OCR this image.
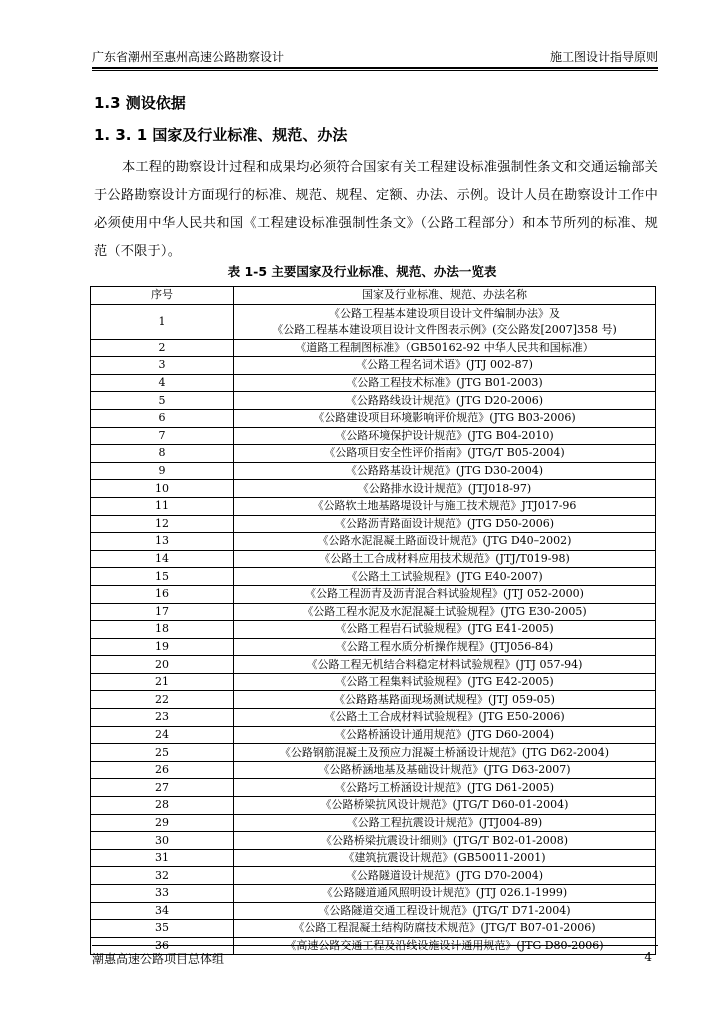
广东省潮州至惠州高速公路勘察设计	施工图设计指导原则
1.3 测设依据
1. 3. 1 国家及行业标准、规范、办法
本工程的勘察设计过程和成果均必须符合国家有关工程建设标准强制性条文和交通运输部关于公路勘察设计方面现行的标准、规范、规程、定额、办法、示例。设计人员在勘察设计工作中必须使用中华人民共和国《工程建设标准强制性条文》（公路工程部分）和本节所列的标准、规范（不限于）。
表 1-5 主要国家及行业标准、规范、办法一览表
序号	国家及行业标准、规范、办法名称
1	《公路工程基本建设项目设计文件编制办法》及
《公路工程基本建设项目设计文件图表示例》(交公路发[2007]358 号)

2	《道路工程制图标准》（GB50162-92 中华人民共和国标准）
3	《公路工程名词术语》(JTJ 002-87)
4	《公路工程技术标准》(JTG B01-2003)
5	《公路路线设计规范》(JTG D20-2006)
6	《公路建设项目环境影响评价规范》(JTG B03-2006)
7	《公路环境保护设计规范》(JTG B04-2010)
8	《公路项目安全性评价指南》(JTG/T B05-2004)
9	《公路路基设计规范》(JTG D30-2004)
10	《公路排水设计规范》(JTJ018-97)
11	《公路软土地基路堤设计与施工技术规范》JTJ017-96
12	《公路沥青路面设计规范》(JTG D50-2006)
13	《公路水泥混凝土路面设计规范》(JTG D40–2002)
14	《公路土工合成材料应用技术规范》(JTJ/T019-98)
15	《公路土工试验规程》(JTG E40-2007)
16	《公路工程沥青及沥青混合料试验规程》(JTJ 052-2000)
17	《公路工程水泥及水泥混凝土试验规程》(JTG E30-2005)
18	《公路工程岩石试验规程》(JTG E41-2005)
19	《公路工程水质分析操作规程》(JTJ056-84)
20	《公路工程无机结合料稳定材料试验规程》(JTJ 057-94)
21	《公路工程集料试验规程》(JTG E42-2005)
22	《公路路基路面现场测试规程》(JTJ 059-05)
23	《公路土工合成材料试验规程》(JTG E50-2006)
24	《公路桥涵设计通用规范》(JTG D60-2004)
25	《公路钢筋混凝土及预应力混凝土桥涵设计规范》(JTG D62-2004)
26	《公路桥涵地基及基础设计规范》(JTG D63-2007)
27	《公路圬工桥涵设计规范》(JTG D61-2005)
28	《公路桥梁抗风设计规范》(JTG/T D60-01-2004)
29	《公路工程抗震设计规范》(JTJ004-89)
30	《公路桥梁抗震设计细则》(JTG/T B02-01-2008)
31	《建筑抗震设计规范》(GB50011-2001)
32	《公路隧道设计规范》(JTG D70-2004)
33	《公路隧道通风照明设计规范》(JTJ 026.1-1999)
34	《公路隧道交通工程设计规范》(JTG/T D71-2004)
35	《公路工程混凝土结构防腐技术规范》(JTG/T B07-01-2006)
36	《高速公路交通工程及沿线设施设计通用规范》(JTG D80-2006)
潮惠高速公路项目总体组	4
